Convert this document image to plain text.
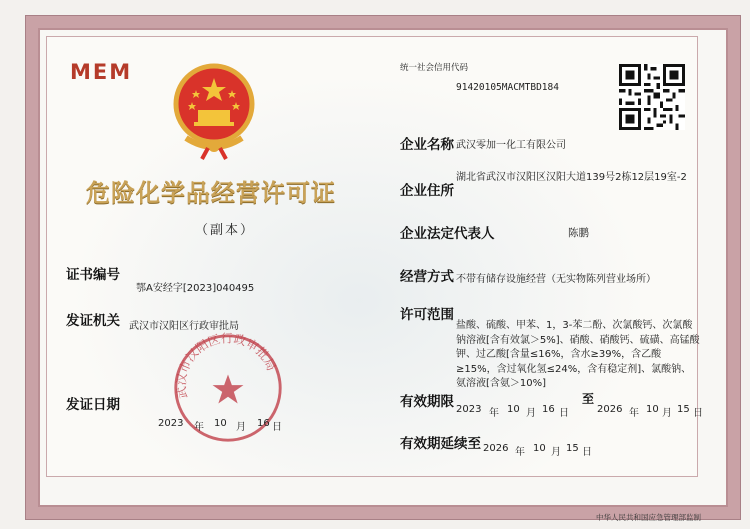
MEM
危险化学品经营许可证
（副本）
统一社会信用代码
91420105MACMTBD184
企业名称 武汉零加一化工有限公司
企业住所
湖北省武汉市汉阳区汉阳大道139号2栋12层19室-2
企业法定代表人	陈鹏
证书编号
鄂A安经字[2023]040495
发证机关 武汉市汉阳区行政审批局
经营方式 不带有储存设施经营（无实物陈列营业场所）
许可范围
盐酸、硫酸、甲苯、1，3-苯二酚、次氯酸钙、次氯酸钠溶液[含有效氯＞5%]、硝酸、硝酸钙、硫磺、高锰酸钾、过乙酸[含量≤16%，含水≥39%，含乙酸≥15%，含过氧化氢≤24%，含有稳定剂]、氯酸钠、氨溶液[含氨＞10%]
武汉市汉阳区行政审批局
发证日期
2023 年 10 月 16 日
有效期限 2023 年 10 月 16 日
至
2026 年 10 月 15 日
有效期延续至 2026 年 10 月 15 日
中华人民共和国应急管理部监制
